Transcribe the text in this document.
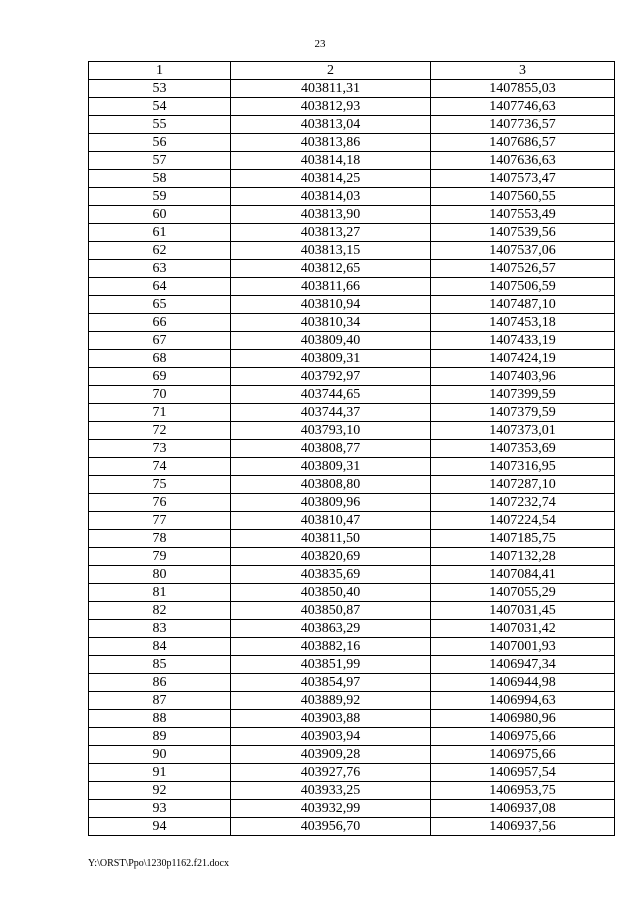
23
1	2	3
53	403811,31	1407855,03
54	403812,93	1407746,63
55	403813,04	1407736,57
56	403813,86	1407686,57
57	403814,18	1407636,63
58	403814,25	1407573,47
59	403814,03	1407560,55
60	403813,90	1407553,49
61	403813,27	1407539,56
62	403813,15	1407537,06
63	403812,65	1407526,57
64	403811,66	1407506,59
65	403810,94	1407487,10
66	403810,34	1407453,18
67	403809,40	1407433,19
68	403809,31	1407424,19
69	403792,97	1407403,96
70	403744,65	1407399,59
71	403744,37	1407379,59
72	403793,10	1407373,01
73	403808,77	1407353,69
74	403809,31	1407316,95
75	403808,80	1407287,10
76	403809,96	1407232,74
77	403810,47	1407224,54
78	403811,50	1407185,75
79	403820,69	1407132,28
80	403835,69	1407084,41
81	403850,40	1407055,29
82	403850,87	1407031,45
83	403863,29	1407031,42
84	403882,16	1407001,93
85	403851,99	1406947,34
86	403854,97	1406944,98
87	403889,92	1406994,63
88	403903,88	1406980,96
89	403903,94	1406975,66
90	403909,28	1406975,66
91	403927,76	1406957,54
92	403933,25	1406953,75
93	403932,99	1406937,08
94	403956,70	1406937,56
Y:\ORST\Ppo\1230p1162.f21.docx
